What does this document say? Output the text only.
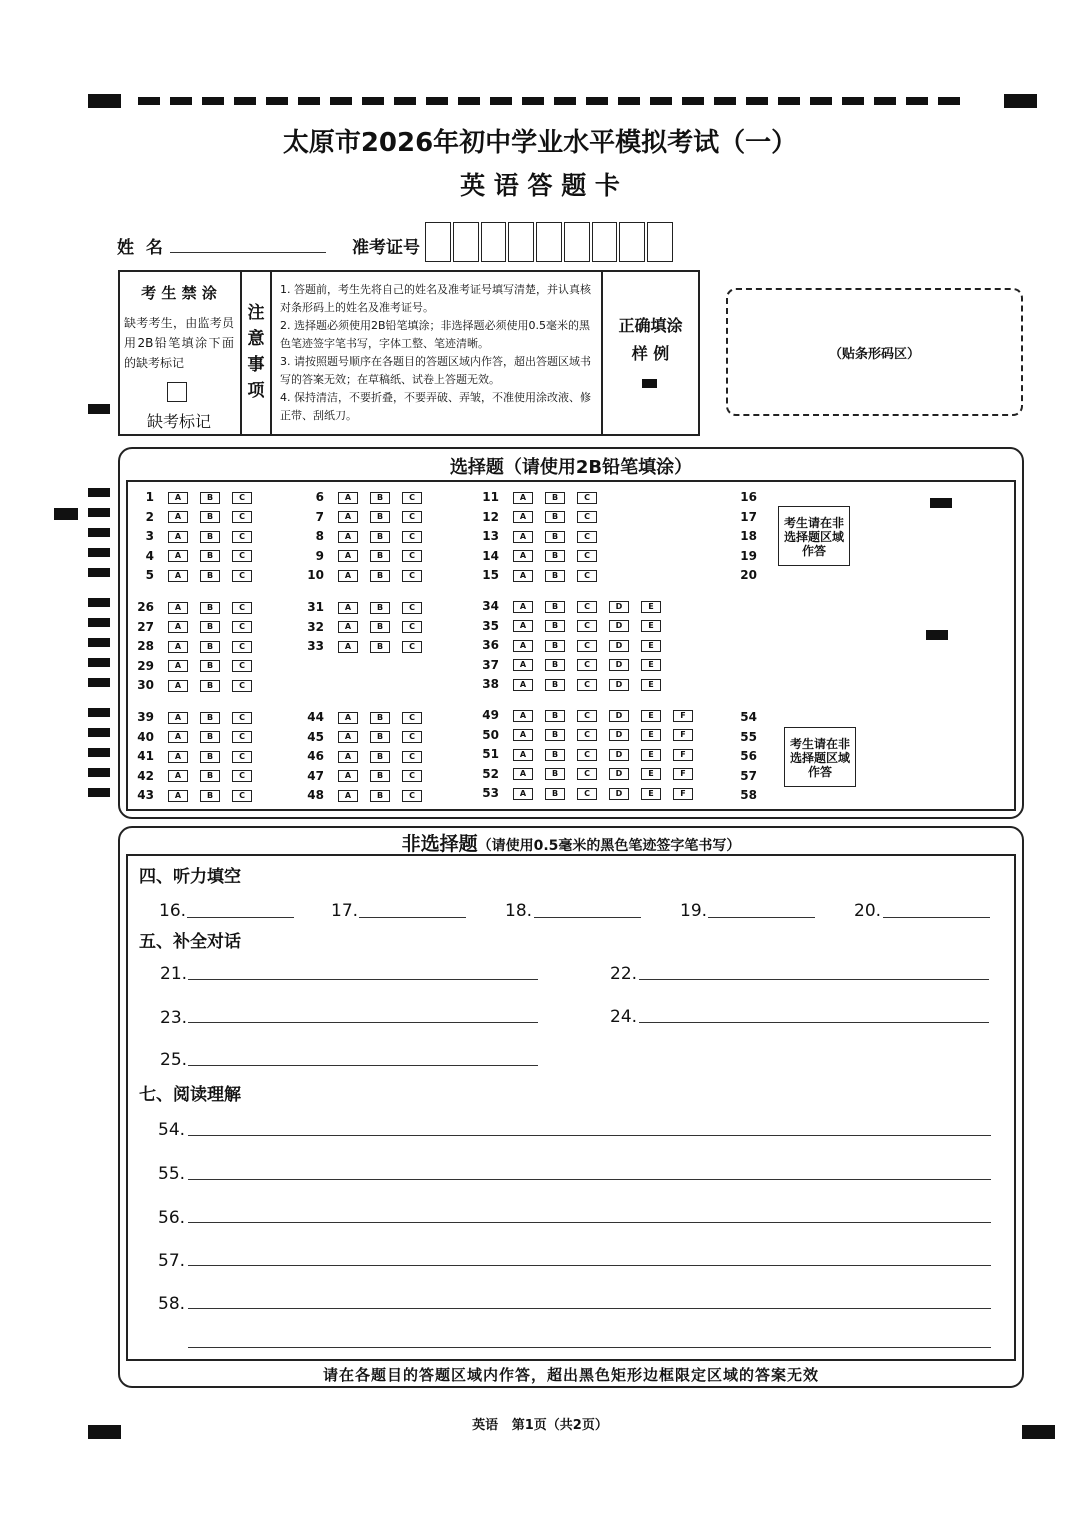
太原市2026年初中学业水平模拟考试（一）
英 语 答 题 卡
姓  名	准考证号
考 生 禁 涂
缺考考生，由监考员用2B铅笔填涂下面的缺考标记
缺考标记
注意事项
1. 答题前，考生先将自己的姓名及准考证号填写清楚，并认真核对条形码上的姓名及准考证号。
2. 选择题必须使用2B铅笔填涂；非选择题必须使用0.5毫米的黑色笔迹签字笔书写，字体工整、笔迹清晰。
3. 请按照题号顺序在各题目的答题区域内作答，超出答题区域书写的答案无效；在草稿纸、试卷上答题无效。
4. 保持清洁，不要折叠，不要弄破、弄皱，不准使用涂改液、修正带、刮纸刀。
正确填涂
样 例	（贴条形码区）
选择题（请使用2B铅笔填涂）
1	A	B	C
2	A	B	C
3	A	B	C
4	A	B	C
5	A	B	C
6	A	B	C
7	A	B	C
8	A	B	C
9	A	B	C
10	A	B	C
11	A	B	C
12	A	B	C
13	A	B	C
14	A	B	C
15	A	B	C
16
17
18
19
20
26	A	B	C
27	A	B	C
28	A	B	C
29	A	B	C
30	A	B	C
31	A	B	C
32	A	B	C
33	A	B	C
34	A	B	C	D	E
35	A	B	C	D	E
36	A	B	C	D	E
37	A	B	C	D	E
38	A	B	C	D	E
39	A	B	C
40	A	B	C
41	A	B	C
42	A	B	C
43	A	B	C
44	A	B	C
45	A	B	C
46	A	B	C
47	A	B	C
48	A	B	C
49	A	B	C	D	E	F
50	A	B	C	D	E	F
51	A	B	C	D	E	F
52	A	B	C	D	E	F
53	A	B	C	D	E	F
54
55
56
57
58
考生请在非选择题区域作答
考生请在非选择题区域作答
非选择题（请使用0.5毫米的黑色笔迹签字笔书写）
四、听力填空
16.	17.	18.	19.	20.
五、补全对话
21.	22.
23.	24.
25.
七、阅读理解
54.
55.
56.
57.
58.
请在各题目的答题区域内作答，超出黑色矩形边框限定区域的答案无效
英语   第1页（共2页）
